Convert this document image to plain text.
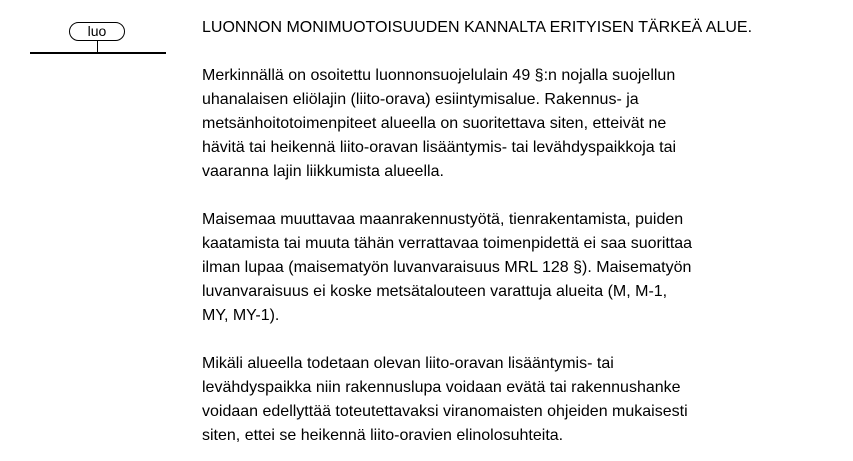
luo	LUONNON MONIMUOTOISUUDEN KANNALTA ERITYISEN TÄRKEÄ ALUE.

Merkinnällä on osoitettu luonnonsuojelulain 49 §:n nojalla suojellun
uhanalaisen eliölajin (liito-orava) esiintymisalue. Rakennus- ja
metsänhoitotoimenpiteet alueella on suoritettava siten, etteivät ne
hävitä tai heikennä liito-oravan lisääntymis- tai levähdyspaikkoja tai
vaaranna lajin liikkumista alueella.

Maisemaa muuttavaa maanrakennustyötä, tienrakentamista, puiden
kaatamista tai muuta tähän verrattavaa toimenpidettä ei saa suorittaa
ilman lupaa (maisematyön luvanvaraisuus MRL 128 §). Maisematyön
luvanvaraisuus ei koske metsätalouteen varattuja alueita (M, M-1,
MY, MY-1).

Mikäli alueella todetaan olevan liito-oravan lisääntymis- tai
levähdyspaikka niin rakennuslupa voidaan evätä tai rakennushanke
voidaan edellyttää toteutettavaksi viranomaisten ohjeiden mukaisesti
siten, ettei se heikennä liito-oravien elinolosuhteita.
